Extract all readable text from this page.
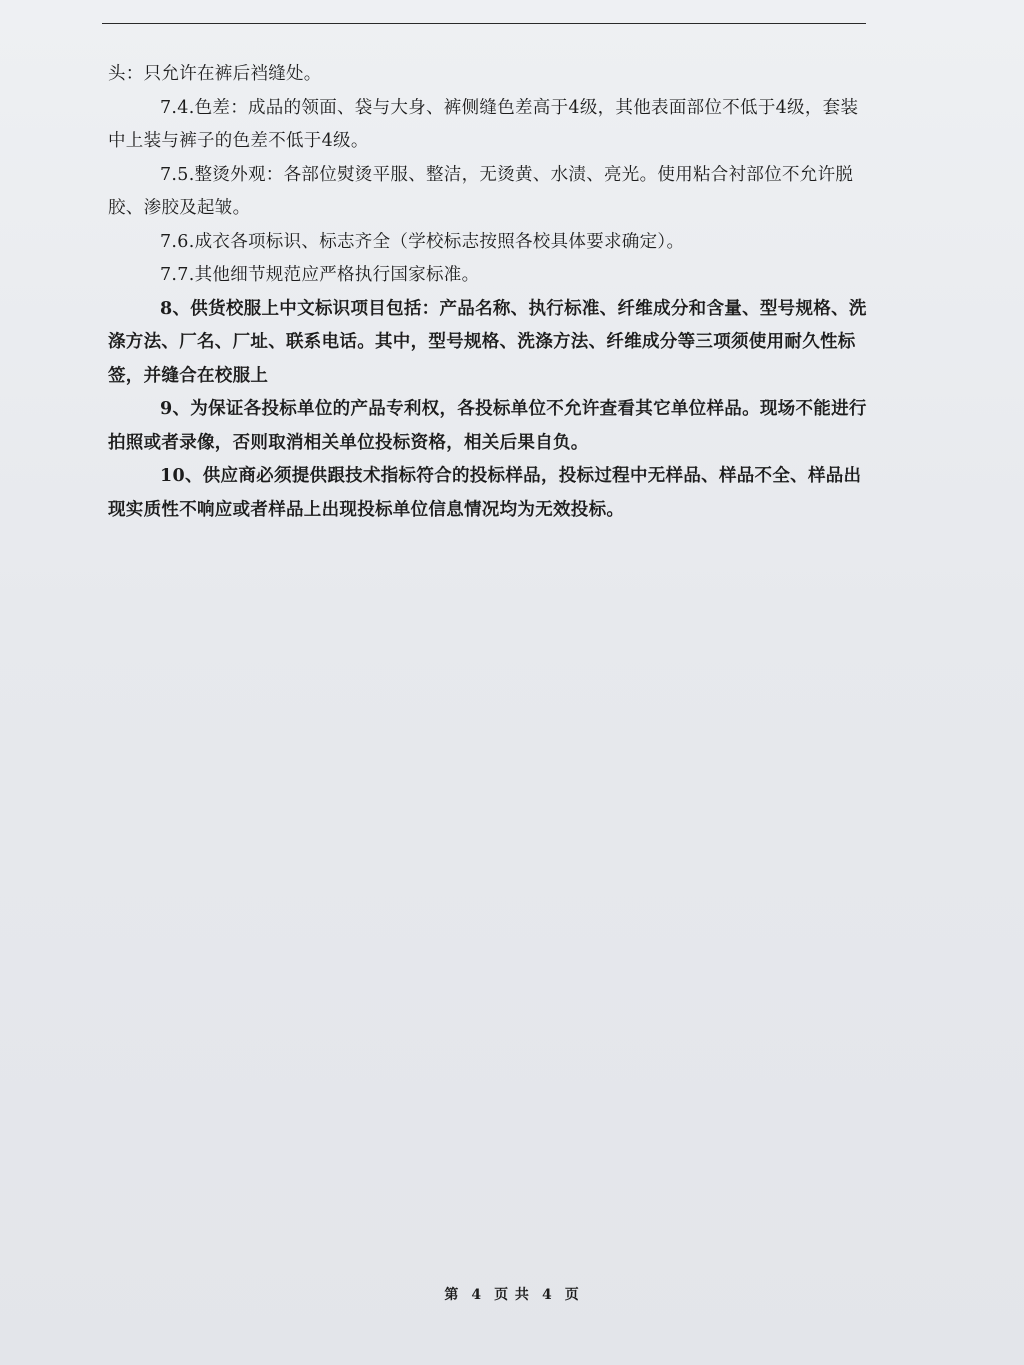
头：只允许在裤后裆缝处。

7.4.色差：成品的领面、袋与大身、裤侧缝色差高于4级，其他表面部位不低于4级，套装中上装与裤子的色差不低于4级。

7.5.整烫外观：各部位熨烫平服、整洁，无烫黄、水渍、亮光。使用粘合衬部位不允许脱胶、渗胶及起皱。

7.6.成衣各项标识、标志齐全（学校标志按照各校具体要求确定）。

7.7.其他细节规范应严格执行国家标准。

8、供货校服上中文标识项目包括：产品名称、执行标准、纤维成分和含量、型号规格、洗涤方法、厂名、厂址、联系电话。其中，型号规格、洗涤方法、纤维成分等三项须使用耐久性标签，并缝合在校服上

9、为保证各投标单位的产品专利权，各投标单位不允许查看其它单位样品。现场不能进行拍照或者录像，否则取消相关单位投标资格，相关后果自负。

10、供应商必须提供跟技术指标符合的投标样品，投标过程中无样品、样品不全、样品出现实质性不响应或者样品上出现投标单位信息情况均为无效投标。

第 4 页 共 4 页
